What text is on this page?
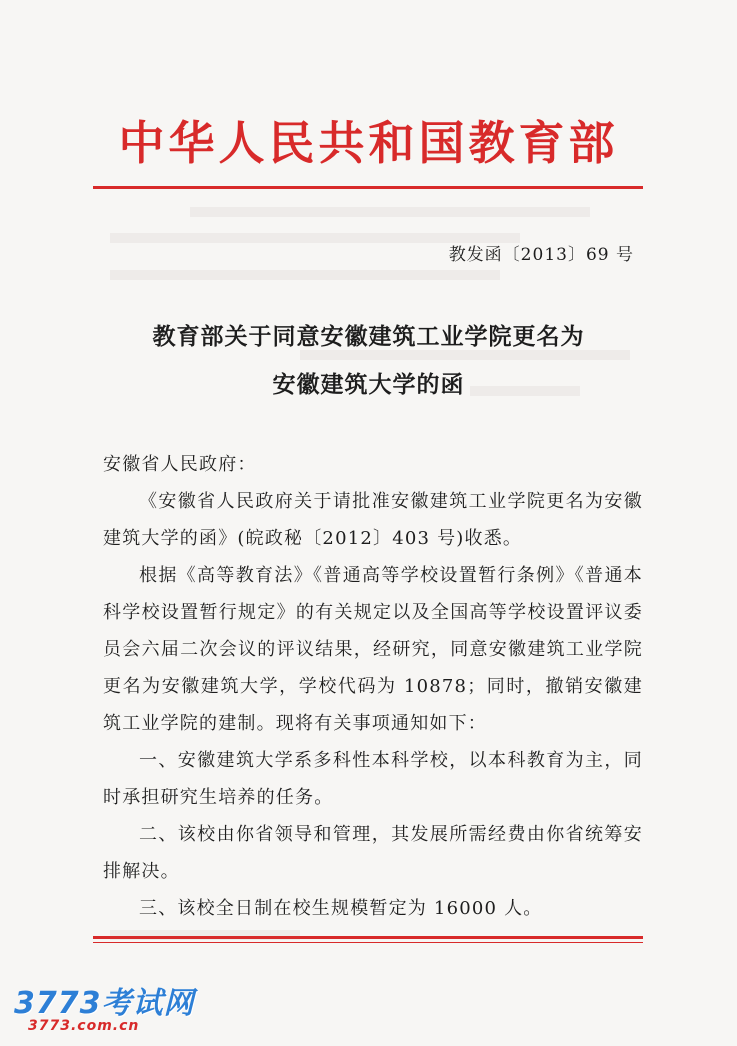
中华人民共和国教育部
教发函〔2013〕69 号
教育部关于同意安徽建筑工业学院更名为
安徽建筑大学的函

安徽省人民政府：

《安徽省人民政府关于请批准安徽建筑工业学院更名为安徽建筑大学的函》(皖政秘〔2012〕403 号)收悉。

根据《高等教育法》《普通高等学校设置暂行条例》《普通本科学校设置暂行规定》的有关规定以及全国高等学校设置评议委员会六届二次会议的评议结果，经研究，同意安徽建筑工业学院更名为安徽建筑大学，学校代码为 10878；同时，撤销安徽建筑工业学院的建制。现将有关事项通知如下：

一、安徽建筑大学系多科性本科学校，以本科教育为主，同时承担研究生培养的任务。

二、该校由你省领导和管理，其发展所需经费由你省统筹安排解决。

三、该校全日制在校生规模暂定为 16000 人。

3773考试网
3773.com.cn
